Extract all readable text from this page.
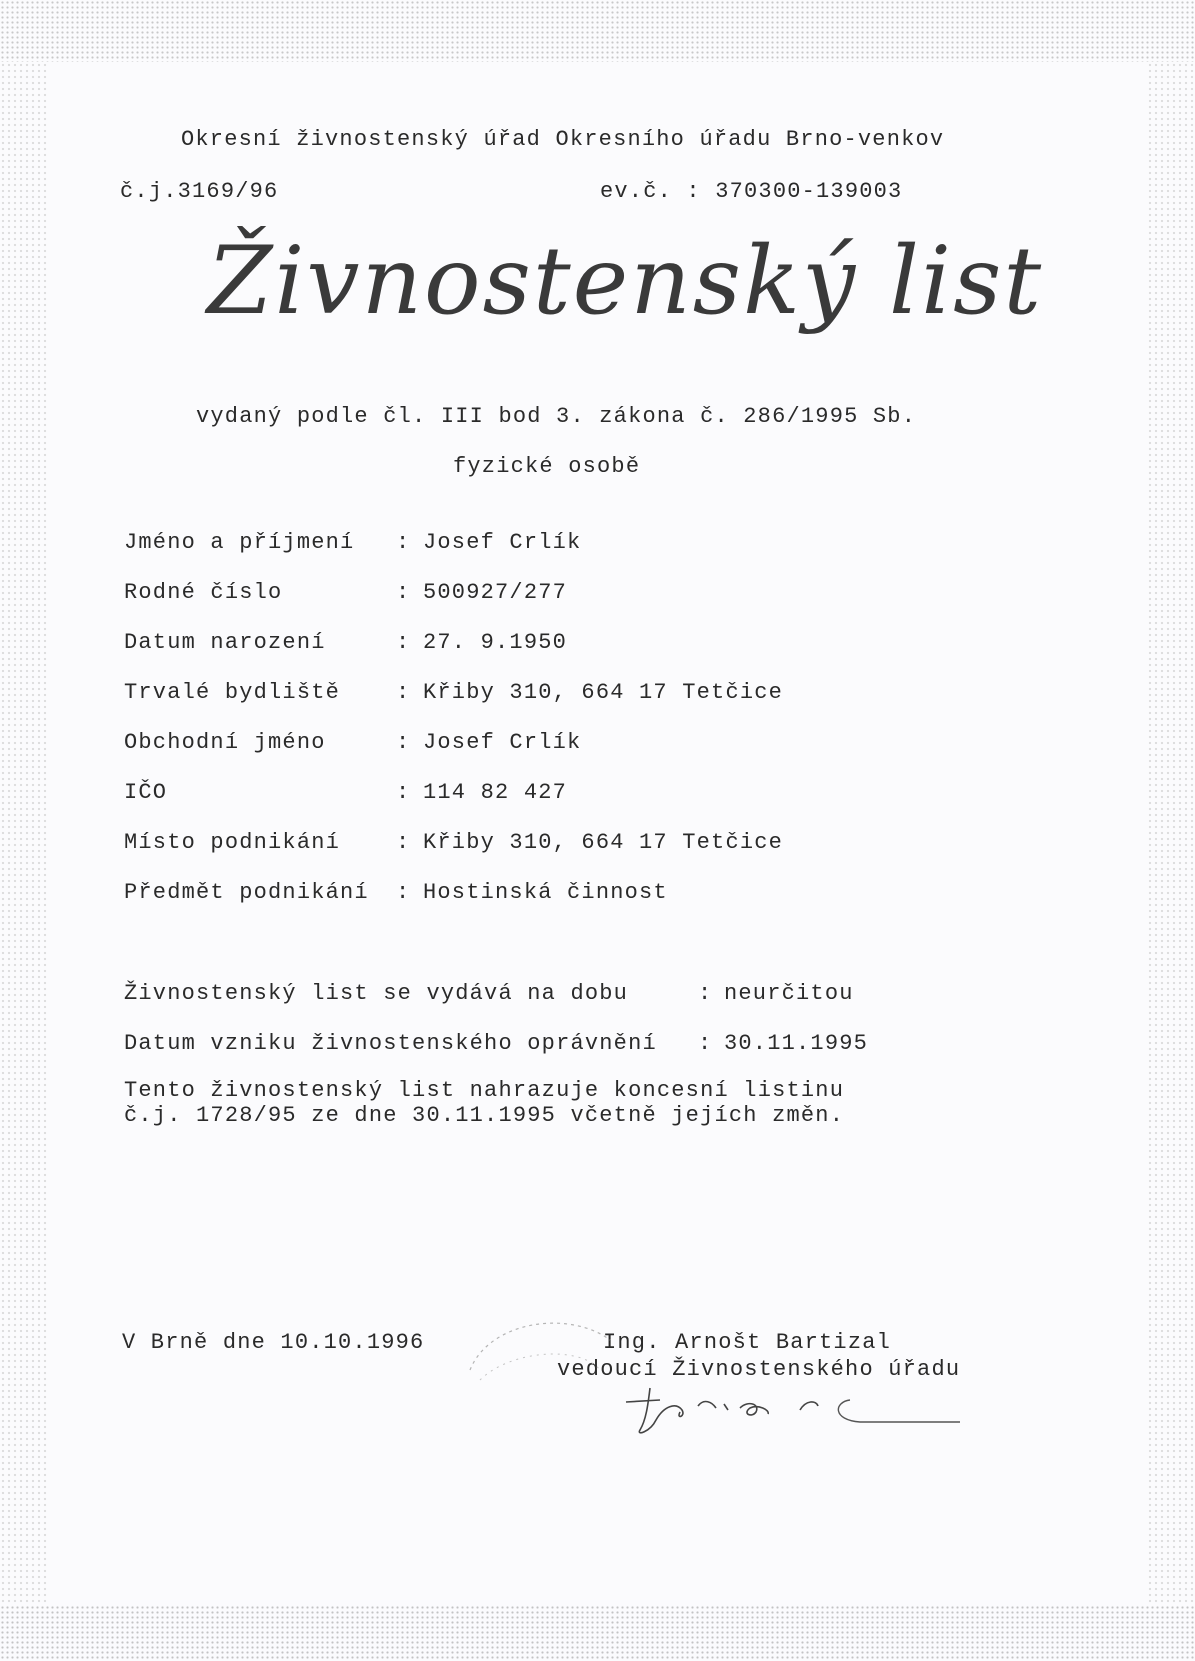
Okresní živnostenský úřad Okresního úřadu Brno-venkov
č.j.3169/96	ev.č. : 370300-139003
Živnostenský list
vydaný podle čl. III bod 3. zákona č. 286/1995 Sb.
fyzické osobě
Jméno a příjmení : Josef Crlík
Rodné číslo	: 500927/277
Datum narození	: 27. 9.1950
Trvalé bydliště	: Křiby 310, 664 17 Tetčice
Obchodní jméno	: Josef Crlík
IČO	: 114 82 427
Místo podnikání	: Křiby 310, 664 17 Tetčice
Předmět podnikání : Hostinská činnost
Živnostenský list se vydává na dobu	: neurčitou
Datum vzniku živnostenského oprávnění : 30.11.1995
Tento živnostenský list nahrazuje koncesní listinu
č.j. 1728/95 ze dne 30.11.1995 včetně jejích změn.
V Brně dne 10.10.1996	Ing. Arnošt Bartizal
vedoucí Živnostenského úřadu
